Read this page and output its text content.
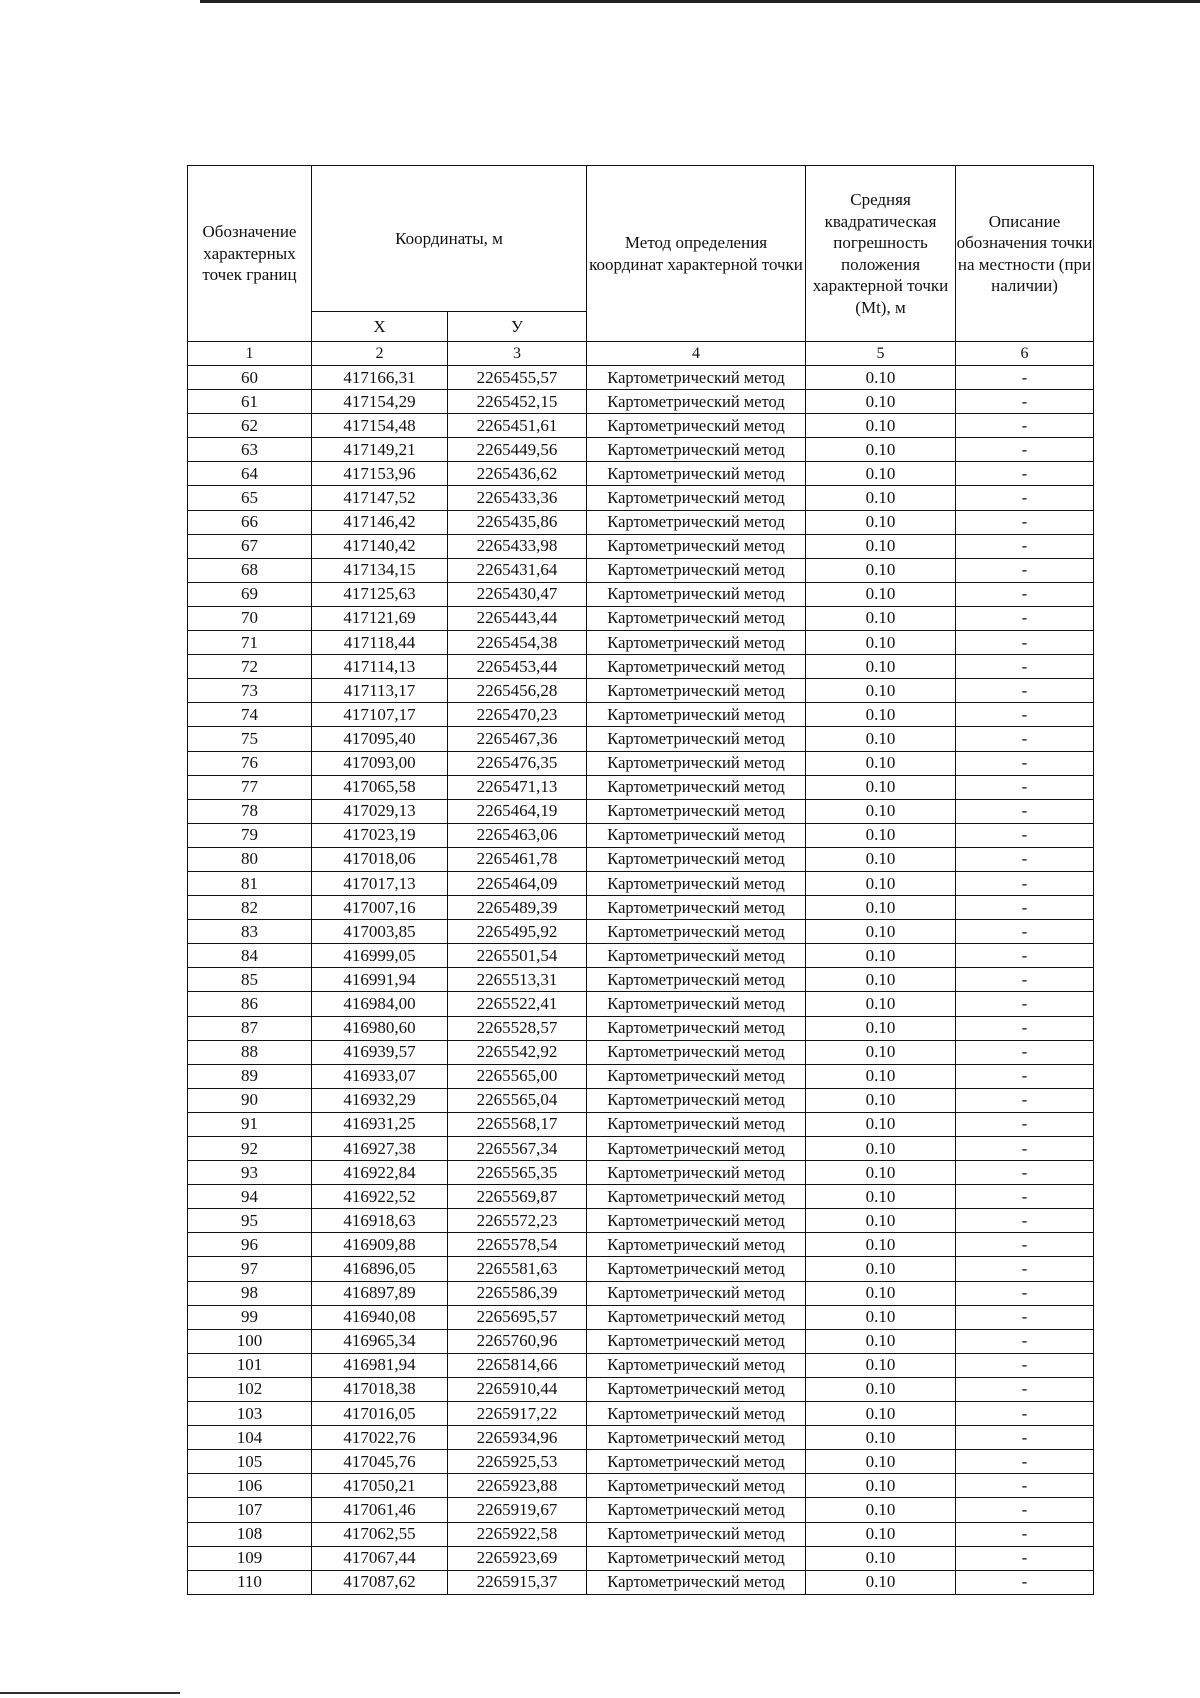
Обозначение характерных точек границ	Координаты, м		Метод определения координат характерной точки	Средняя квадратическая погрешность положения характерной точки (Мt), м	Описание обозначения точки на местности (при наличии)
	X	У			
1	2	3	4	5	6
60	417166,31	2265455,57	Картометрический метод	0.10	-
61	417154,29	2265452,15	Картометрический метод	0.10	-
62	417154,48	2265451,61	Картометрический метод	0.10	-
63	417149,21	2265449,56	Картометрический метод	0.10	-
64	417153,96	2265436,62	Картометрический метод	0.10	-
65	417147,52	2265433,36	Картометрический метод	0.10	-
66	417146,42	2265435,86	Картометрический метод	0.10	-
67	417140,42	2265433,98	Картометрический метод	0.10	-
68	417134,15	2265431,64	Картометрический метод	0.10	-
69	417125,63	2265430,47	Картометрический метод	0.10	-
70	417121,69	2265443,44	Картометрический метод	0.10	-
71	417118,44	2265454,38	Картометрический метод	0.10	-
72	417114,13	2265453,44	Картометрический метод	0.10	-
73	417113,17	2265456,28	Картометрический метод	0.10	-
74	417107,17	2265470,23	Картометрический метод	0.10	-
75	417095,40	2265467,36	Картометрический метод	0.10	-
76	417093,00	2265476,35	Картометрический метод	0.10	-
77	417065,58	2265471,13	Картометрический метод	0.10	-
78	417029,13	2265464,19	Картометрический метод	0.10	-
79	417023,19	2265463,06	Картометрический метод	0.10	-
80	417018,06	2265461,78	Картометрический метод	0.10	-
81	417017,13	2265464,09	Картометрический метод	0.10	-
82	417007,16	2265489,39	Картометрический метод	0.10	-
83	417003,85	2265495,92	Картометрический метод	0.10	-
84	416999,05	2265501,54	Картометрический метод	0.10	-
85	416991,94	2265513,31	Картометрический метод	0.10	-
86	416984,00	2265522,41	Картометрический метод	0.10	-
87	416980,60	2265528,57	Картометрический метод	0.10	-
88	416939,57	2265542,92	Картометрический метод	0.10	-
89	416933,07	2265565,00	Картометрический метод	0.10	-
90	416932,29	2265565,04	Картометрический метод	0.10	-
91	416931,25	2265568,17	Картометрический метод	0.10	-
92	416927,38	2265567,34	Картометрический метод	0.10	-
93	416922,84	2265565,35	Картометрический метод	0.10	-
94	416922,52	2265569,87	Картометрический метод	0.10	-
95	416918,63	2265572,23	Картометрический метод	0.10	-
96	416909,88	2265578,54	Картометрический метод	0.10	-
97	416896,05	2265581,63	Картометрический метод	0.10	-
98	416897,89	2265586,39	Картометрический метод	0.10	-
99	416940,08	2265695,57	Картометрический метод	0.10	-
100	416965,34	2265760,96	Картометрический метод	0.10	-
101	416981,94	2265814,66	Картометрический метод	0.10	-
102	417018,38	2265910,44	Картометрический метод	0.10	-
103	417016,05	2265917,22	Картометрический метод	0.10	-
104	417022,76	2265934,96	Картометрический метод	0.10	-
105	417045,76	2265925,53	Картометрический метод	0.10	-
106	417050,21	2265923,88	Картометрический метод	0.10	-
107	417061,46	2265919,67	Картометрический метод	0.10	-
108	417062,55	2265922,58	Картометрический метод	0.10	-
109	417067,44	2265923,69	Картометрический метод	0.10	-
110	417087,62	2265915,37	Картометрический метод	0.10	-
